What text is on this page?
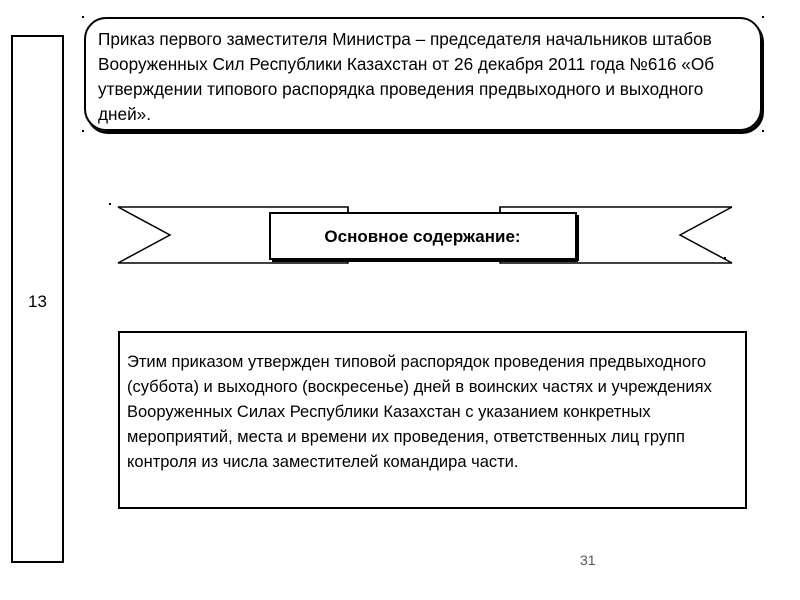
13
Приказ первого заместителя Министра – председателя начальников штабов Вооруженных Сил Республики Казахстан от 26 декабря 2011 года №616 «Об утверждении типового распорядка проведения предвыходного и выходного дней».
Основное содержание:
Этим приказом утвержден типовой распорядок проведения предвыходного (суббота) и выходного (воскресенье) дней в воинских частях и учреждениях Вооруженных Силах Республики Казахстан с указанием конкретных мероприятий, места и времени их проведения, ответственных лиц групп контроля из числа заместителей командира части.
31
